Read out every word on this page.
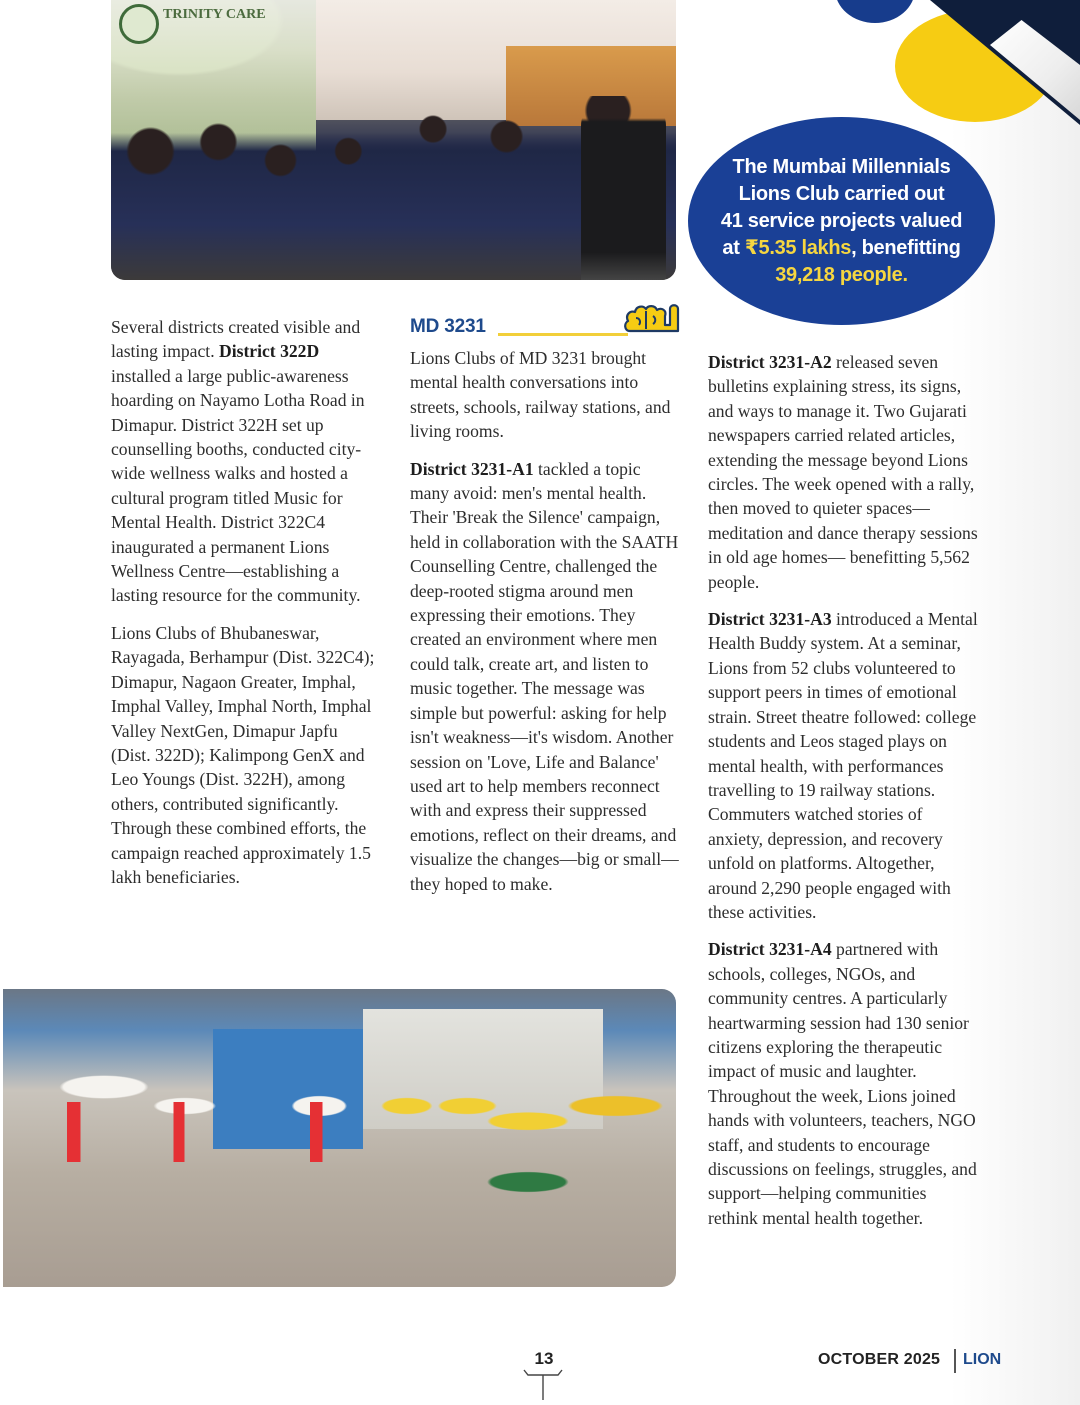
TRINITY CARE
The Mumbai Millennials
Lions Club carried out
41 service projects valued
at ₹5.35 lakhs, benefitting
39,218 people.

Several districts created visible and lasting impact. District 322D installed a large public-awareness hoarding on Nayamo Lotha Road in Dimapur. District 322H set up counselling booths, conducted city-wide wellness walks and hosted a cultural program titled Music for Mental Health. District 322C4 inaugurated a permanent Lions Wellness Centre—establishing a lasting resource for the community.

Lions Clubs of Bhubaneswar, Rayagada, Berhampur (Dist. 322C4); Dimapur, Nagaon Greater, Imphal, Imphal Valley, Imphal North, Imphal Valley NextGen, Dimapur Japfu (Dist. 322D); Kalimpong GenX and Leo Youngs (Dist. 322H), among others, contributed significantly. Through these combined efforts, the campaign reached approximately 1.5 lakh beneficiaries.

MD 3231

Lions Clubs of MD 3231 brought mental health conversations into streets, schools, railway stations, and living rooms.

District 3231-A1 tackled a topic many avoid: men's mental health. Their 'Break the Silence' campaign, held in collaboration with the SAATH Counselling Centre, challenged the deep-rooted stigma around men expressing their emotions. They created an environment where men could talk, create art, and listen to music together. The message was simple but powerful: asking for help isn't weakness—it's wisdom. Another session on 'Love, Life and Balance' used art to help members reconnect with and express their suppressed emotions, reflect on their dreams, and visualize the changes—big or small—they hoped to make.

District 3231-A2 released seven bulletins explaining stress, its signs, and ways to manage it. Two Gujarati newspapers carried related articles, extending the message beyond Lions circles. The week opened with a rally, then moved to quieter spaces— meditation and dance therapy sessions in old age homes— benefitting 5,562 people.

District 3231-A3 introduced a Mental Health Buddy system. At a seminar, Lions from 52 clubs volunteered to support peers in times of emotional strain. Street theatre followed: college students and Leos staged plays on mental health, with performances travelling to 19 railway stations. Commuters watched stories of anxiety, depression, and recovery unfold on platforms. Altogether, around 2,290 people engaged with these activities.

District 3231-A4 partnered with schools, colleges, NGOs, and community centres. A particularly heartwarming session had 130 senior citizens exploring the therapeutic impact of music and laughter. Throughout the week, Lions joined hands with volunteers, teachers, NGO staff, and students to encourage discussions on feelings, struggles, and support—helping communities rethink mental health together.

13	OCTOBER 2025 LION
